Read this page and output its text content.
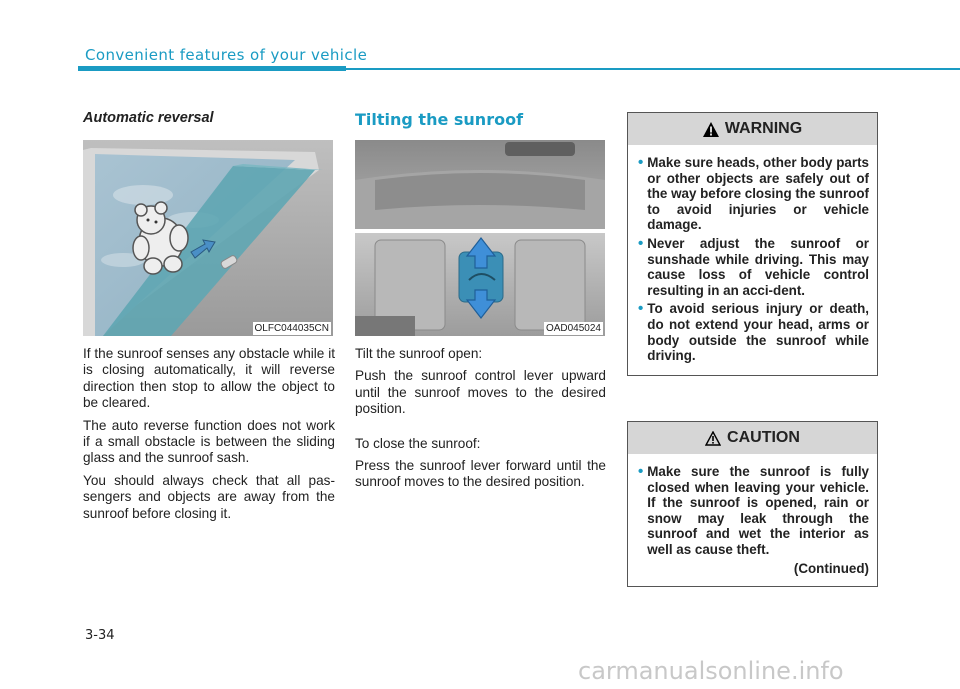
Convenient features of your vehicle
Automatic reversal
OLFC044035CN

If the sunroof senses any obstacle while it is closing automatically, it will reverse direction then stop to allow the object to be cleared.

The auto reverse function does not work if a small obstacle is between the sliding glass and the sunroof sash.

You should always check that all pas-sengers and objects are away from the sunroof before closing it.

Tilting the sunroof
OAD045024

Tilt the sunroof open:

Push the sunroof control lever upward until the sunroof moves to the desired position.

To close the sunroof:

Press the sunroof lever forward until the sunroof moves to the desired position.

WARNING
• Make sure heads, other body parts or other objects are safely out of the way before closing the sunroof to avoid injuries or vehicle damage.
• Never adjust the sunroof or sunshade while driving. This may cause loss of vehicle control resulting in an acci-dent.
• To avoid serious injury or death, do not extend your head, arms or body outside the sunroof while driving.
CAUTION
• Make sure the sunroof is fully closed when leaving your vehicle. If the sunroof is opened, rain or snow may leak through the sunroof and wet the interior as well as cause theft.
(Continued)
3-34
carmanualsonline.info
